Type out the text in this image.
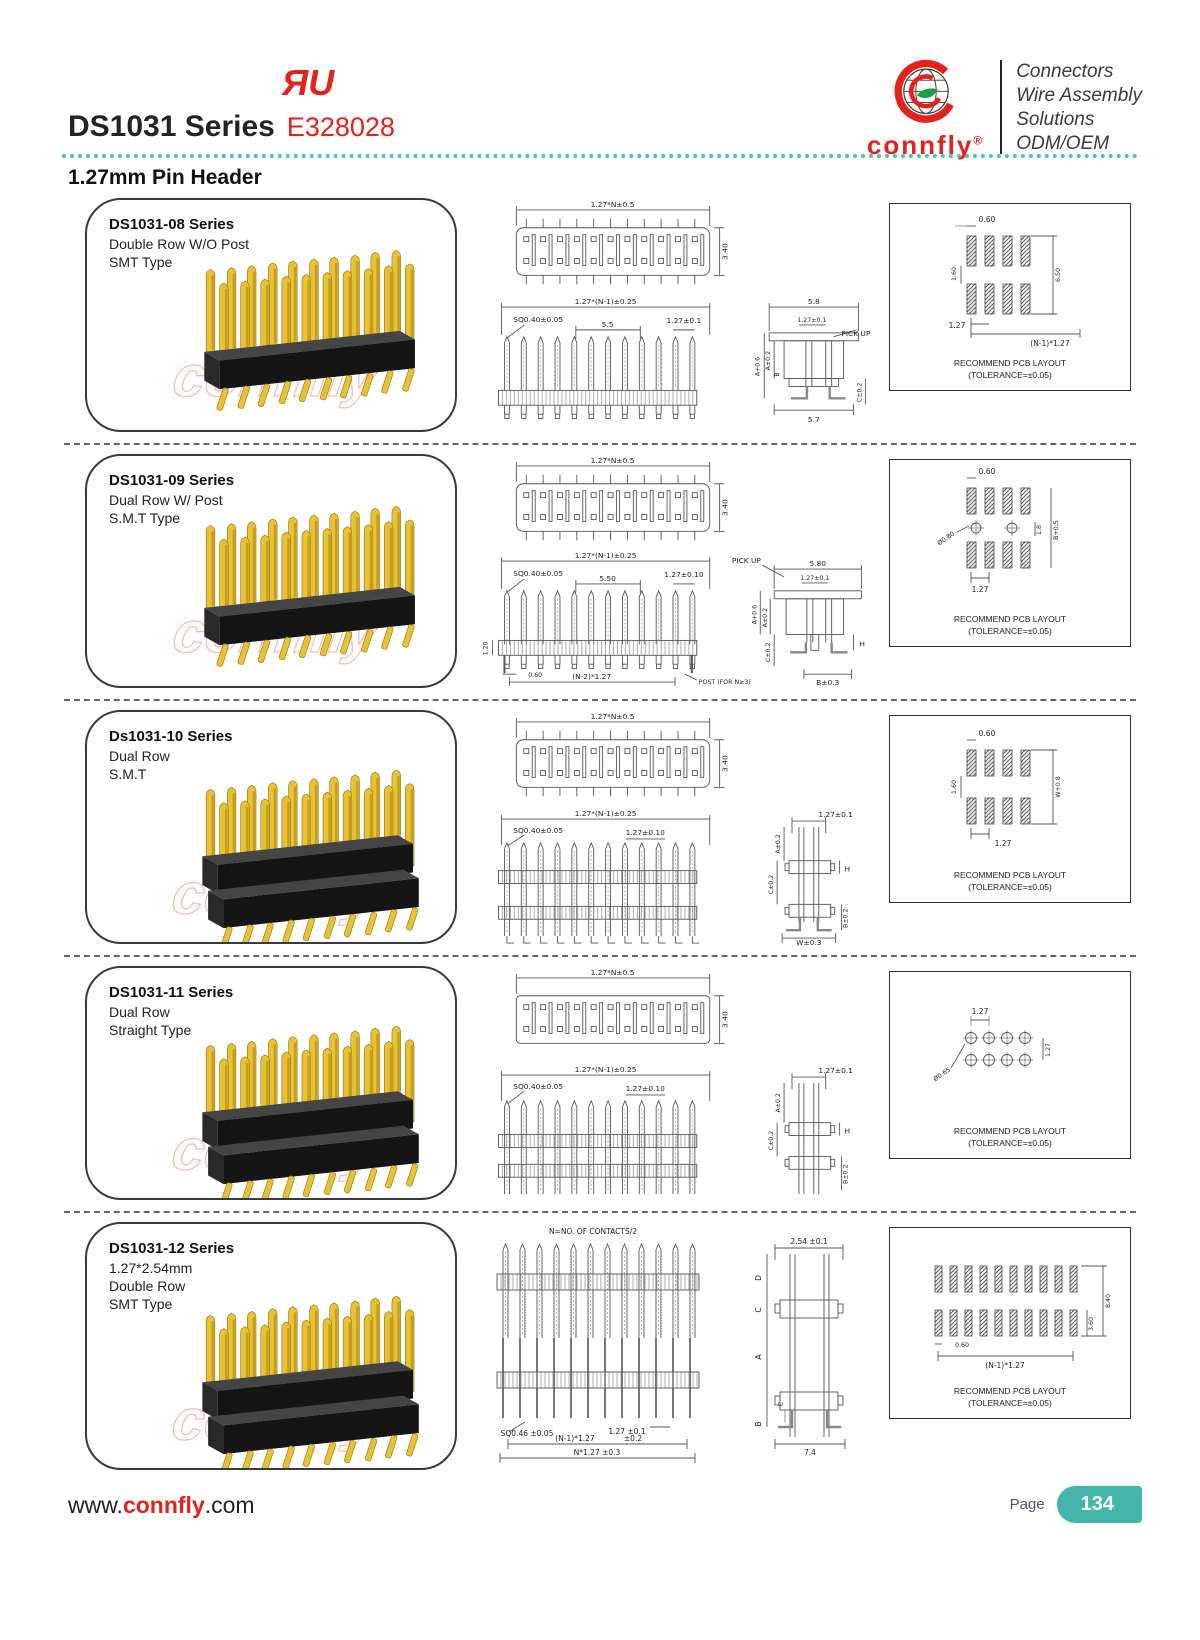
DS1031 Series E328028
ЯU
connfly®
Connectors
Wire Assembly
Solutions
ODM/OEM
1.27mm Pin Header
DS1031-08 Series
Double Row W/O Post
SMT Type
1.27*N±0.5
3.40
1.27*(N-1)±0.25
SQ0.40±0.05
5.5	1.27±0.1
5.8
1.27±0.1
PICK UP
A+0.6 A±0.2
B
C±0.2
5.7
0.60
1.60	6.50
1.27
(N-1)*1.27
RECOMMEND PCB LAYOUT
(TOLERANCE=±0.05)
DS1031-09 Series
Dual Row W/ Post
S.M.T Type
1.27*N±0.5
3.40
1.27*(N-1)±0.25
SQ0.40±0.05
5.50	1.27±0.10
1.20
0.60	(N-2)*1.27
POST (FOR N≥3)
PICK UP	5.80
1.27±0.1
A+0.6 A±0.2
H
C±0.2
B±0.3
0.60
Ø0.80
1.8 B+0.5
1.27
RECOMMEND PCB LAYOUT
(TOLERANCE=±0.05)
Ds1031-10 Series
Dual Row
S.M.T
1.27*N±0.5
3.40
1.27*(N-1)±0.25
SQ0.40±0.05	1.27±0.10
1.27±0.1
A±0.2
H
C±0.2
B±0.2
W±0.3
0.60
1.60	W+0.8
1.27
RECOMMEND PCB LAYOUT
(TOLERANCE=±0.05)
DS1031-11 Series
Dual Row
Straight Type
1.27*N±0.5
3.40
1.27*(N-1)±0.25
SQ0.40±0.05	1.27±0.10
1.27±0.1
A±0.2
H
C±0.2
B±0.2
1.27
Ø0.65
1.27
RECOMMEND PCB LAYOUT
(TOLERANCE=±0.05)
DS1031-12 Series
1.27*2.54mm
Double Row
SMT Type
N=NO. OF CONTACTS/2
SQ0.46 ±0.05	1.27 ±0.1
(N-1)*1.27	±0.2
N*1.27 ±0.3
2.54 ±0.1
D
C
A
C
B
7.4
0.60
(N-1)*1.27
3.60
8.40
RECOMMEND PCB LAYOUT
(TOLERANCE=±0.05)
www.connfly.com	Page	134
